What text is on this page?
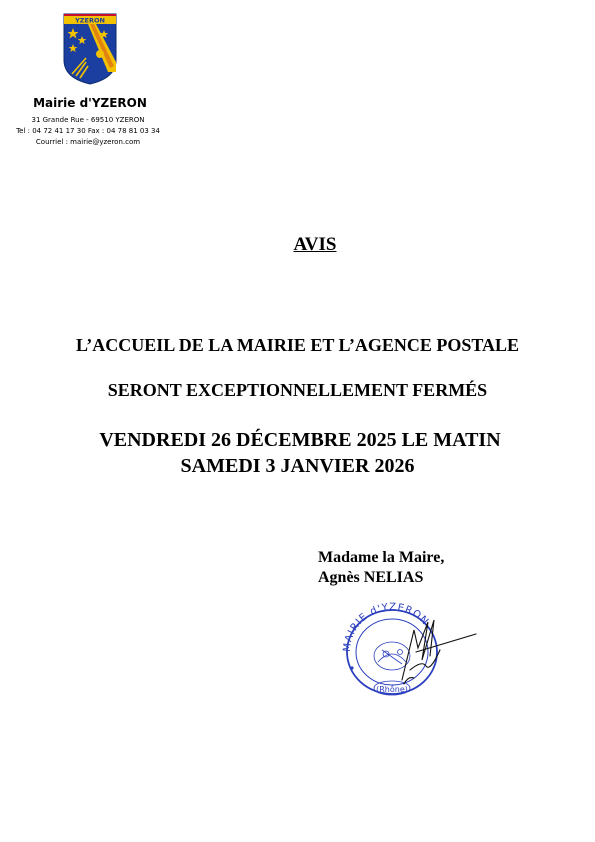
YZERON
Mairie d'YZERON
31 Grande Rue - 69510 YZERON
Tel : 04 72 41 17 30 Fax : 04 78 81 03 34
Courriel : mairie@yzeron.com
AVIS
L’ACCUEIL DE LA MAIRIE ET L’AGENCE POSTALE
SERONT EXCEPTIONNELLEMENT FERMÉS
VENDREDI 26 DÉCEMBRE 2025 LE MATIN
SAMEDI 3 JANVIER 2026
Madame la Maire,
Agnès NELIAS
MAIRIE d'YZERON
(Rhône)
